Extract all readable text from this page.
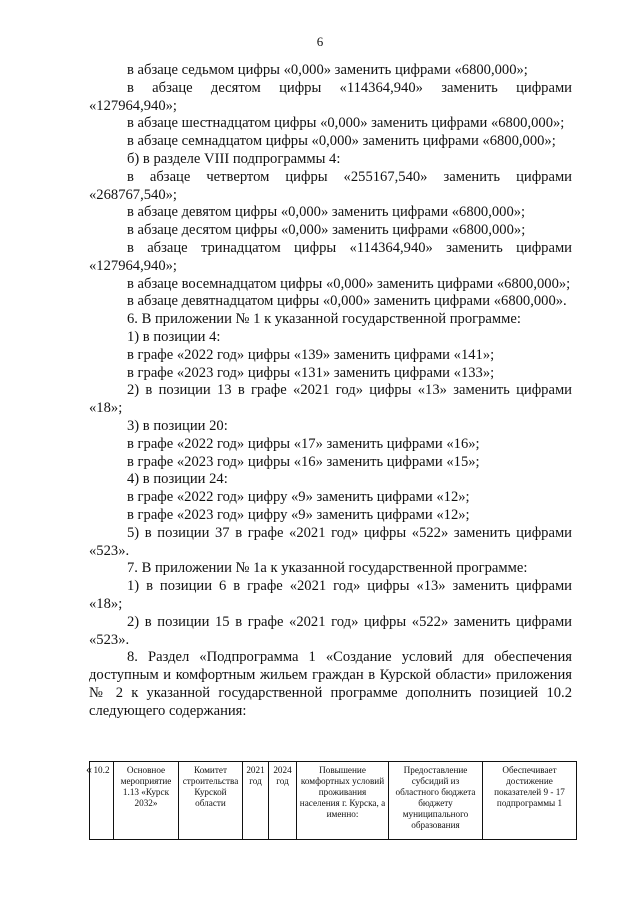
6

в абзаце седьмом цифры «0,000» заменить цифрами «6800,000»;

в абзаце десятом цифры «114364,940» заменить цифрами «127964,940»;

в абзаце шестнадцатом цифры «0,000» заменить цифрами «6800,000»;

в абзаце семнадцатом цифры «0,000» заменить цифрами «6800,000»;

б) в разделе VIII подпрограммы 4:

в абзаце четвертом цифры «255167,540» заменить цифрами «268767,540»;

в абзаце девятом цифры «0,000» заменить цифрами «6800,000»;

в абзаце десятом цифры «0,000» заменить цифрами «6800,000»;

в абзаце тринадцатом цифры «114364,940» заменить цифрами «127964,940»;

в абзаце восемнадцатом цифры «0,000» заменить цифрами «6800,000»;

в абзаце девятнадцатом цифры «0,000» заменить цифрами «6800,000».

6. В приложении № 1 к указанной государственной программе:

1) в позиции 4:

в графе «2022 год» цифры «139» заменить цифрами «141»;

в графе «2023 год» цифры «131» заменить цифрами «133»;

2) в позиции 13 в графе «2021 год» цифры «13» заменить цифрами «18»;

3) в позиции 20:

в графе «2022 год» цифры «17» заменить цифрами «16»;

в графе «2023 год» цифры «16» заменить цифрами «15»;

4) в позиции 24:

в графе «2022 год» цифру «9» заменить цифрами «12»;

в графе «2023 год» цифру «9» заменить цифрами «12»;

5) в позиции 37 в графе «2021 год» цифры «522» заменить цифрами «523».

7. В приложении № 1а к указанной государственной программе:

1) в позиции 6 в графе «2021 год» цифры «13» заменить цифрами «18»;

2) в позиции 15 в графе «2021 год» цифры «522» заменить цифрами «523».

8. Раздел «Подпрограмма 1 «Создание условий для обеспечения доступным и комфортным жильем граждан в Курской области» приложения № 2 к указанной государственной программе дополнить позицией 10.2 следующего содержания:

« 10.2	Основное мероприятие 1.13 «Курск 2032»	Комитет строительства Курской области	2021 год	2024 год	Повышение комфортных условий проживания населения г. Курска, а именно:	Предоставление субсидий из областного бюджета бюджету муниципального образования	Обеспечивает достижение показателей 9 - 17 подпрограммы 1
